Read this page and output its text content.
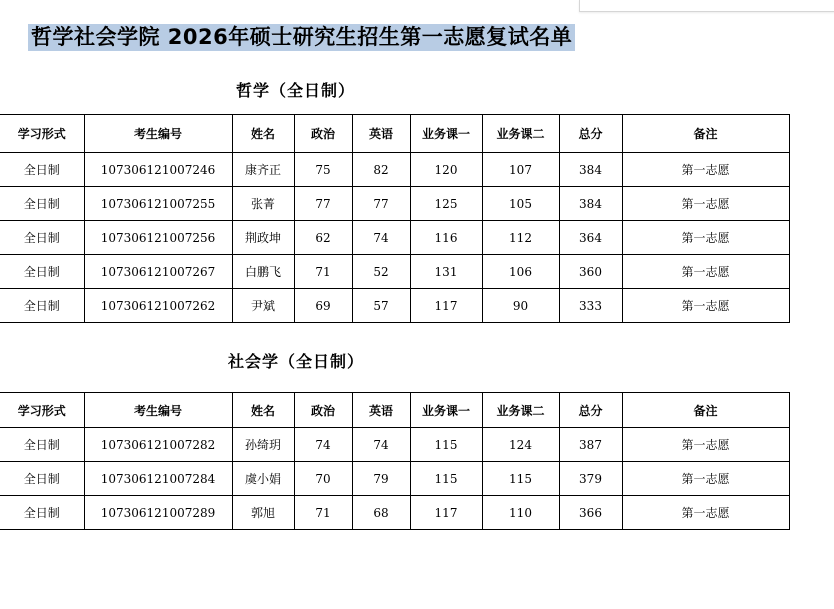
哲学社会学院 2026年硕士研究生招生第一志愿复试名单
哲学（全日制）
学习形式	考生编号	姓名	政治	英语	业务课一	业务课二	总分	备注
全日制	107306121007246	康齐正	75	82	120	107	384	第一志愿
全日制	107306121007255	张菁	77	77	125	105	384	第一志愿
全日制	107306121007256	荆政坤	62	74	116	112	364	第一志愿
全日制	107306121007267	白鹏飞	71	52	131	106	360	第一志愿
全日制	107306121007262	尹斌	69	57	117	90	333	第一志愿
社会学（全日制）
学习形式	考生编号	姓名	政治	英语	业务课一	业务课二	总分	备注
全日制	107306121007282	孙绮玥	74	74	115	124	387	第一志愿
全日制	107306121007284	虞小娟	70	79	115	115	379	第一志愿
全日制	107306121007289	郭旭	71	68	117	110	366	第一志愿
